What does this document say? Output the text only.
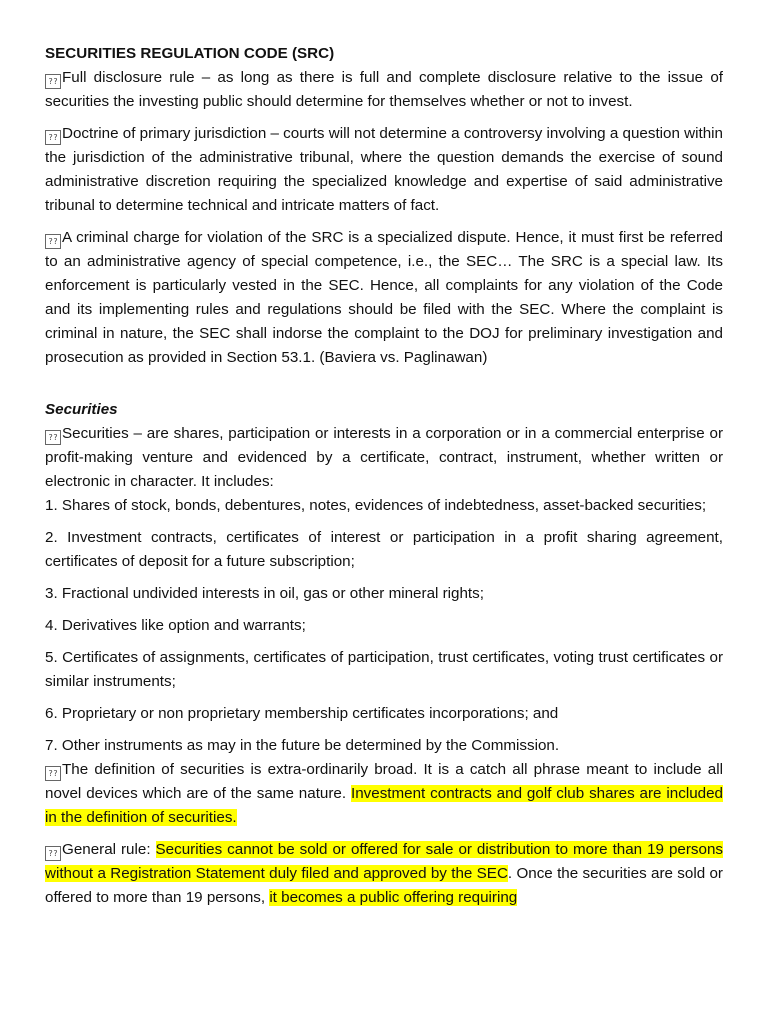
SECURITIES REGULATION CODE (SRC)

?? Full disclosure rule – as long as there is full and complete disclosure relative to the issue of securities the investing public should determine for themselves whether or not to invest.

?? Doctrine of primary jurisdiction – courts will not determine a controversy involving a question within the jurisdiction of the administrative tribunal, where the question demands the exercise of sound administrative discretion requiring the specialized knowledge and expertise of said administrative tribunal to determine technical and intricate matters of fact.

?? A criminal charge for violation of the SRC is a specialized dispute. Hence, it must first be referred to an administrative agency of special competence, i.e., the SEC… The SRC is a special law. Its enforcement is particularly vested in the SEC. Hence, all complaints for any violation of the Code and its implementing rules and regulations should be filed with the SEC. Where the complaint is criminal in nature, the SEC shall indorse the complaint to the DOJ for preliminary investigation and prosecution as provided in Section 53.1. (Baviera vs. Paglinawan)

Securities

?? Securities – are shares, participation or interests in a corporation or in a commercial enterprise or profit-making venture and evidenced by a certificate, contract, instrument, whether written or electronic in character. It includes:

1. Shares of stock, bonds, debentures, notes, evidences of indebtedness, asset-backed securities;

2. Investment contracts, certificates of interest or participation in a profit sharing agreement, certificates of deposit for a future subscription;

3. Fractional undivided interests in oil, gas or other mineral rights;

4. Derivatives like option and warrants;

5. Certificates of assignments, certificates of participation, trust certificates, voting trust certificates or similar instruments;

6. Proprietary or non proprietary membership certificates incorporations; and

7. Other instruments as may in the future be determined by the Commission.

?? The definition of securities is extra-ordinarily broad. It is a catch all phrase meant to include all novel devices which are of the same nature. Investment contracts and golf club shares are included in the definition of securities.

?? General rule: Securities cannot be sold or offered for sale or distribution to more than 19 persons without a Registration Statement duly filed and approved by the SEC. Once the securities are sold or offered to more than 19 persons, it becomes a public offering requiring
